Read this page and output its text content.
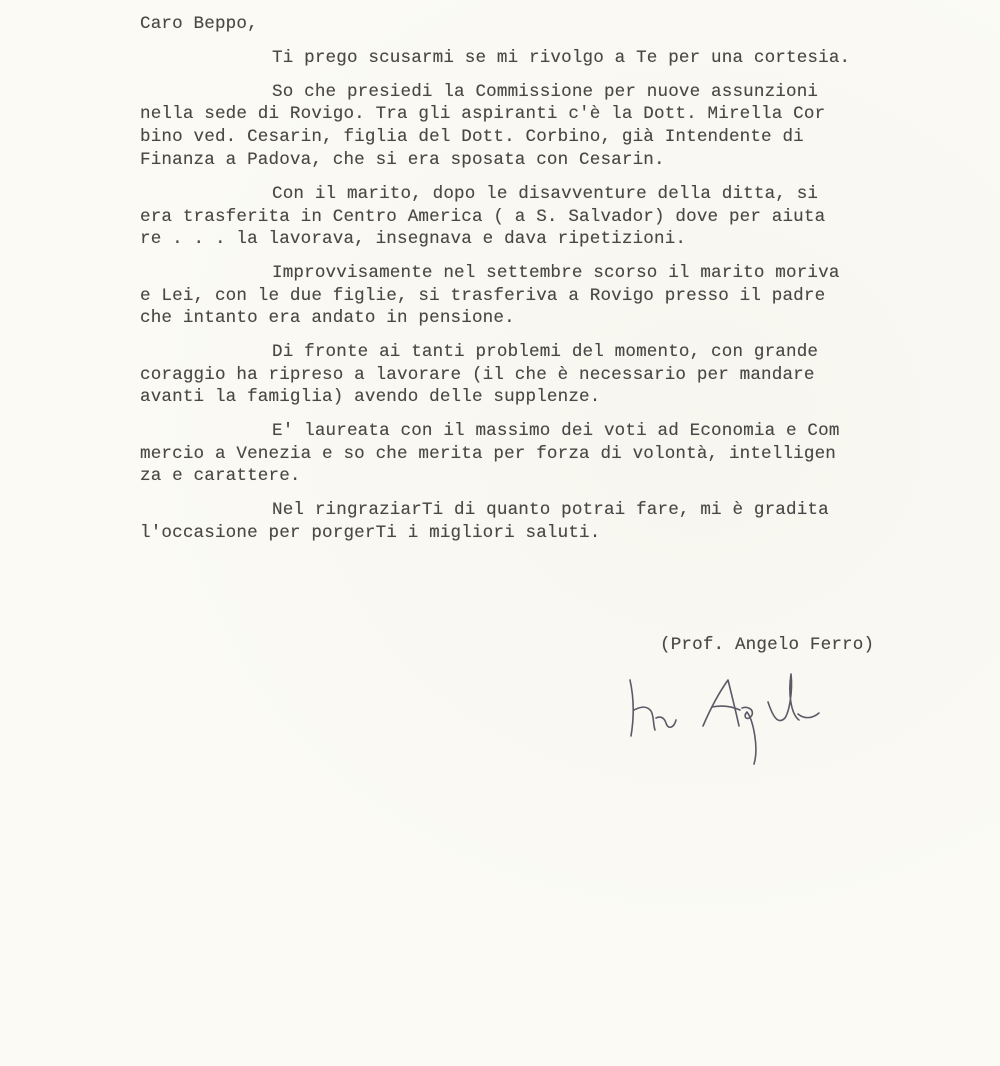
Caro Beppo,
Ti prego scusarmi se mi rivolgo a Te per una cortesia.
So che presiedi la Commissione per nuove assunzioni
nella sede di Rovigo. Tra gli aspiranti c'è la Dott. Mirella Cor
bino ved. Cesarin, figlia del Dott. Corbino, già Intendente di
Finanza a Padova, che si era sposata con Cesarin.
Con il marito, dopo le disavventure della ditta, si
era trasferita in Centro America ( a S. Salvador) dove per aiuta
re . . . la lavorava, insegnava e dava ripetizioni.
Improvvisamente nel settembre scorso il marito moriva
e Lei, con le due figlie, si trasferiva a Rovigo presso il padre
che intanto era andato in pensione.
Di fronte ai tanti problemi del momento, con grande
coraggio ha ripreso a lavorare (il che è necessario per mandare
avanti la famiglia) avendo delle supplenze.
E' laureata con il massimo dei voti ad Economia e Com
mercio a Venezia e so che merita per forza di volontà, intelligen
za e carattere.
Nel ringraziarTi di quanto potrai fare, mi è gradita
l'occasione per porgerTi i migliori saluti.
(Prof. Angelo Ferro)
